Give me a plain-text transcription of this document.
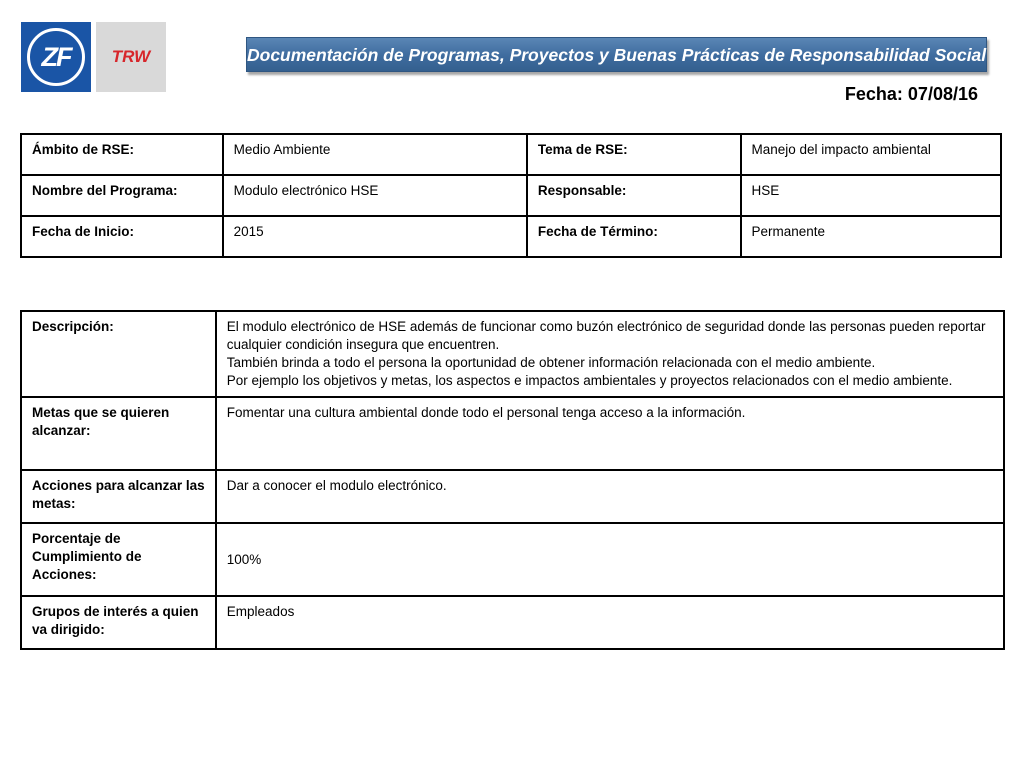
ZF	TRW	Documentación de Programas, Proyectos y Buenas Prácticas de Responsabilidad Social
Fecha: 07/08/16
Ámbito de RSE:	Medio Ambiente	Tema de RSE:	Manejo del impacto ambiental
Nombre del Programa:	Modulo electrónico HSE	Responsable:	HSE
Fecha de Inicio:	2015	Fecha de Término:	Permanente
Descripción:	El modulo electrónico de HSE además de funcionar como buzón electrónico de seguridad donde las personas pueden reportar cualquier condición insegura que encuentren.
También brinda a todo el persona la oportunidad de obtener información relacionada con el medio ambiente.
Por ejemplo los objetivos y metas, los aspectos e impactos ambientales y proyectos relacionados con el medio ambiente.

Metas que se quieren alcanzar:	Fomentar una cultura ambiental donde todo el personal tenga acceso a la información.
Acciones para alcanzar las metas:	Dar a conocer el modulo electrónico.
Porcentaje de Cumplimiento de Acciones:	100%
Grupos de interés a quien va dirigido:	Empleados
